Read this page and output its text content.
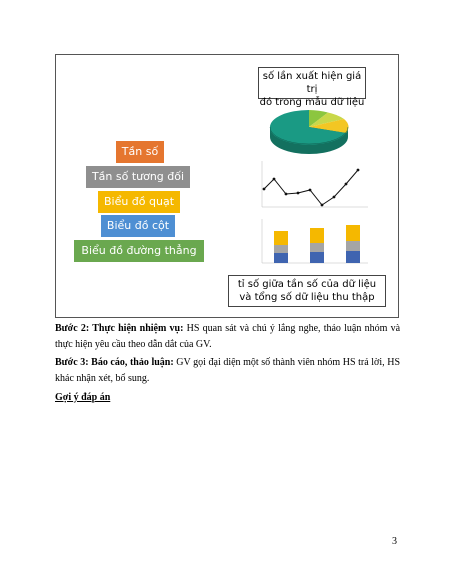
Tần số
Tần số tương đối
Biểu đồ quạt
Biểu đồ cột
Biểu đồ đường thẳng
số lần xuất hiện giá trị
đó trong mẫu dữ liệu
tỉ số giữa tần số của dữ liệu
và tổng số dữ liệu thu thập
Bước 2: Thực hiện nhiệm vụ: HS quan sát và chú ý lắng nghe, thảo luận nhóm và thực hiện yêu cầu theo dẫn dắt của GV.
Bước 3: Báo cáo, thảo luận: GV gọi đại diện một số thành viên nhóm HS trả lời, HS khác nhận xét, bổ sung.
Gợi ý đáp án
3
